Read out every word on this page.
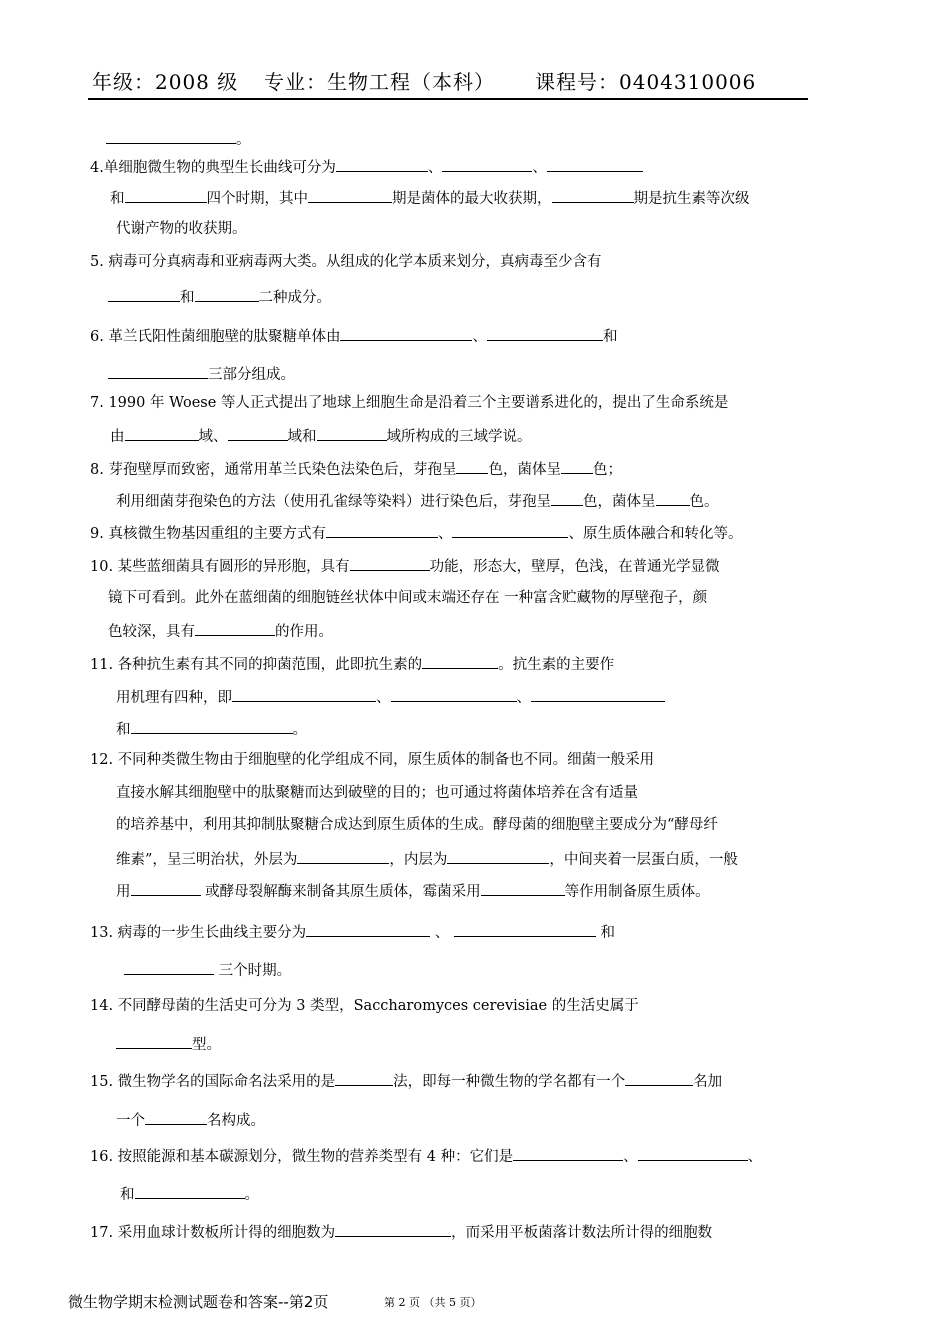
年级：2008 级 专业：生物工程（本科） 课程号：0404310006
。
4.单细胞微生物的典型生长曲线可分为	、	、
和	四个时期，其中	期是菌体的最大收获期，	期是抗生素等次级
代谢产物的收获期。
5. 病毒可分真病毒和亚病毒两大类。从组成的化学本质来划分，真病毒至少含有
和	二种成分。
6. 革兰氏阳性菌细胞壁的肽聚糖单体由	、	和
三部分组成。
7. 1990 年 Woese 等人正式提出了地球上细胞生命是沿着三个主要谱系进化的，提出了生命系统是
由	域、	域和	域所构成的三域学说。
8. 芽孢壁厚而致密，通常用革兰氏染色法染色后，芽孢呈 色，菌体呈 色；
利用细菌芽孢染色的方法（使用孔雀绿等染料）进行染色后，芽孢呈 色，菌体呈 色。
9. 真核微生物基因重组的主要方式有	、	、原生质体融合和转化等。
10. 某些蓝细菌具有圆形的异形胞，具有	功能，形态大，壁厚，色浅，在普通光学显微
镜下可看到。此外在蓝细菌的细胞链丝状体中间或末端还存在 一种富含贮藏物的厚壁孢子，颜
色较深，具有	的作用。
11. 各种抗生素有其不同的抑菌范围，此即抗生素的	。抗生素的主要作
用机理有四种，即	、	、
和	。
12. 不同种类微生物由于细胞壁的化学组成不同，原生质体的制备也不同。细菌一般采用
直接水解其细胞壁中的肽聚糖而达到破壁的目的；也可通过将菌体培养在含有适量
的培养基中，利用其抑制肽聚糖合成达到原生质体的生成。酵母菌的细胞壁主要成分为“酵母纤
维素”，呈三明治状，外层为	，内层为	，中间夹着一层蛋白质，一般
用	或酵母裂解酶来制备其原生质体，霉菌采用	等作用制备原生质体。
13. 病毒的一步生长曲线主要分为	、	和
三个时期。
14. 不同酵母菌的生活史可分为 3 类型，Saccharomyces cerevisiae 的生活史属于
型。
15. 微生物学名的国际命名法采用的是	法，即每一种微生物的学名都有一个	名加
一个	名构成。
16. 按照能源和基本碳源划分，微生物的营养类型有 4 种：它们是	、	、
和	。
17. 采用血球计数板所计得的细胞数为	，而采用平板菌落计数法所计得的细胞数
微生物学期末检测试题卷和答案--第2页	第 2 页 （共 5 页）
